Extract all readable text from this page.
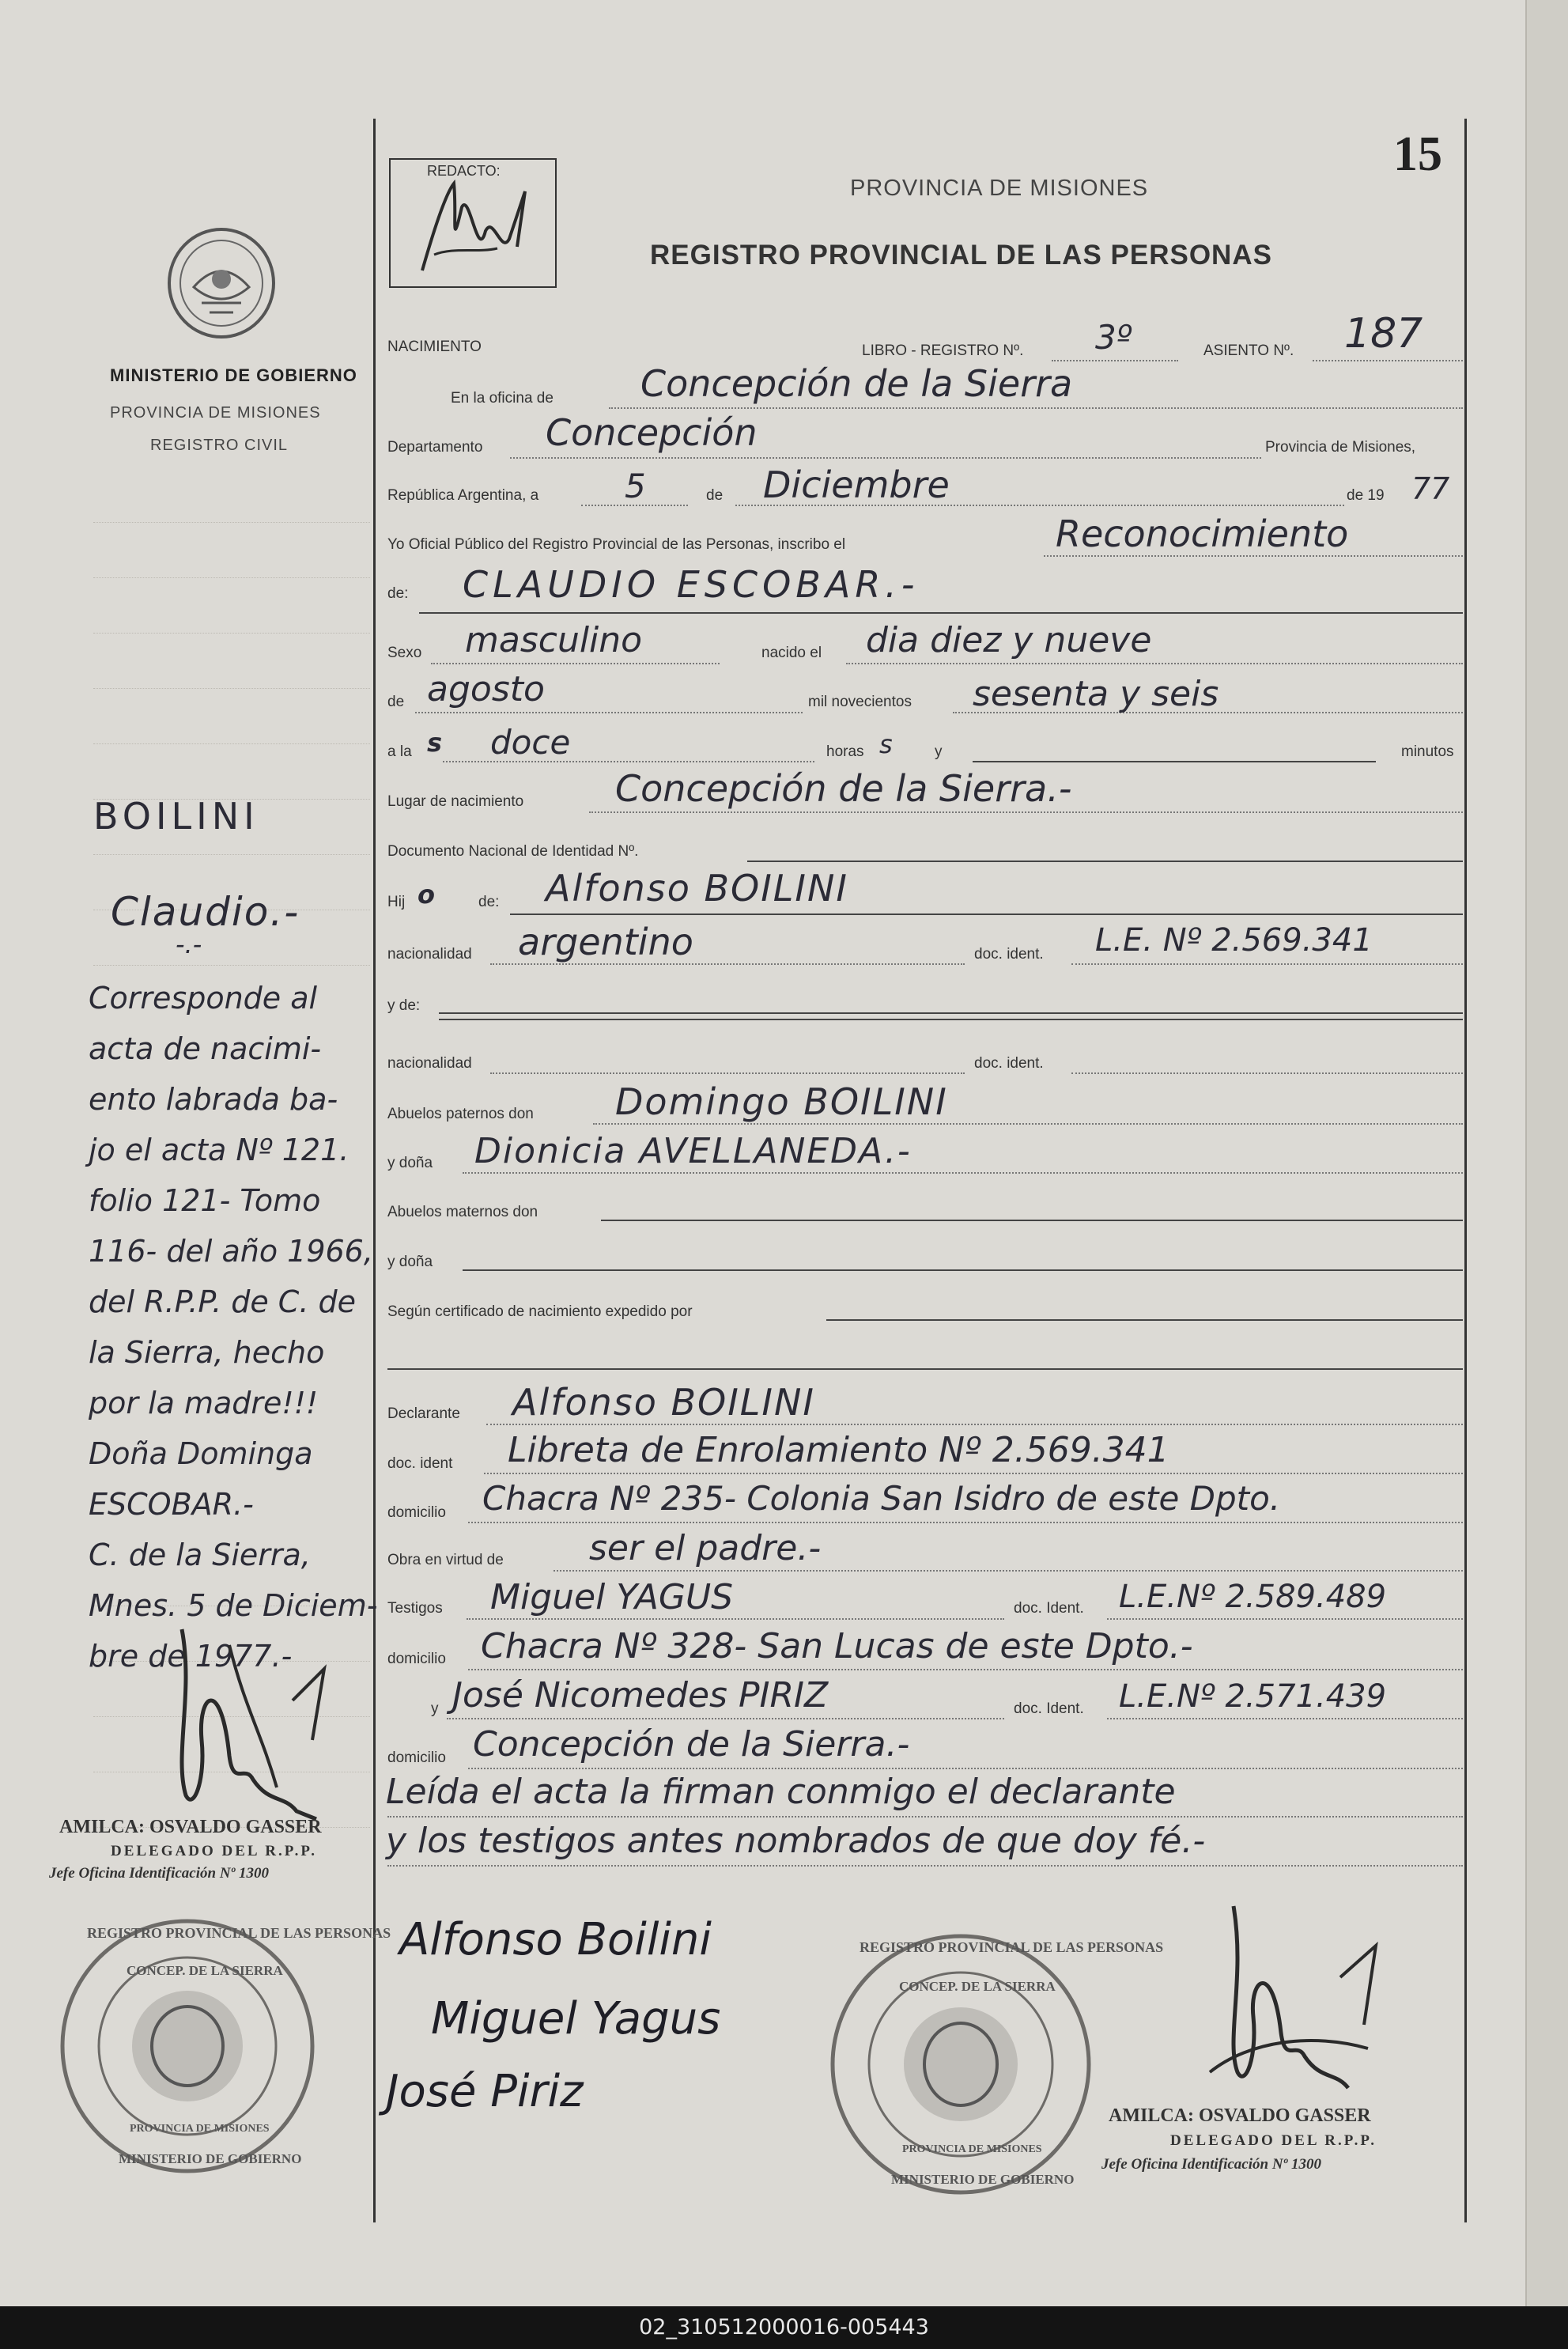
15
REDACTO:
PROVINCIA DE MISIONES
REGISTRO PROVINCIAL DE LAS PERSONAS
MINISTERIO DE GOBIERNO
PROVINCIA DE MISIONES
REGISTRO CIVIL
NACIMIENTO	LIBRO - REGISTRO Nº. 3º	ASIENTO Nº. 187
En la oficina de Concepción de la Sierra
Departamento Concepción	Provincia de Misiones,
República Argentina, a	5	de Diciembre	de 19 77
Yo Oficial Público del Registro Provincial de las Personas, inscribo el	Reconocimiento
de: CLAUDIO ESCOBAR.-
Sexo masculino	nacido el dia diez y nueve
de agosto	mil novecientos sesenta y seis
a la s doce	horas s	y	minutos
Lugar de nacimiento	Concepción de la Sierra.-
Documento Nacional de Identidad Nº.
Hij o	de: Alfonso BOILINI
nacionalidad argentino	doc. ident. L.E. Nº 2.569.341
y de:
nacionalidad	doc. ident.
Abuelos paternos don Domingo BOILINI
y doña Dionicia AVELLANEDA.-
Abuelos maternos don
y doña
Según certificado de nacimiento expedido por
Declarante Alfonso BOILINI
doc. ident Libreta de Enrolamiento Nº 2.569.341
domicilio Chacra Nº 235- Colonia San Isidro de este Dpto.
Obra en virtud de ser el padre.-
Testigos Miguel YAGUS	doc. Ident. L.E.Nº 2.589.489
domicilio Chacra Nº 328- San Lucas de este Dpto.-
y José Nicomedes PIRIZ	doc. Ident. L.E.Nº 2.571.439
domicilio Concepción de la Sierra.-
Leída el acta la firman conmigo el declarante
y los testigos antes nombrados de que doy fé.-
BOILINI
Claudio.-
-.-
Corresponde al
acta de nacimi-
ento labrada ba-
jo el acta Nº 121.
folio 121- Tomo
116- del año 1966,
del R.P.P. de C. de
la Sierra, hecho
por la madre!!!
Doña Dominga
ESCOBAR.-
C. de la Sierra,
Mnes. 5 de Diciem-
bre de 1977.-
AMILCA: OSVALDO GASSER
DELEGADO DEL R.P.P.
Jefe Oficina Identificación Nº 1300
REGISTRO PROVINCIAL DE LAS PERSONAS
CONCEP. DE LA SIERRA
PROVINCIA DE MISIONES
MINISTERIO DE GOBIERNO
Alfonso Boilini
Miguel Yagus
José Piriz
REGISTRO PROVINCIAL DE LAS PERSONAS
CONCEP. DE LA SIERRA
PROVINCIA DE MISIONES
MINISTERIO DE GOBIERNO
AMILCA: OSVALDO GASSER
DELEGADO DEL R.P.P.
Jefe Oficina Identificación Nº 1300
02_310512000016-005443
